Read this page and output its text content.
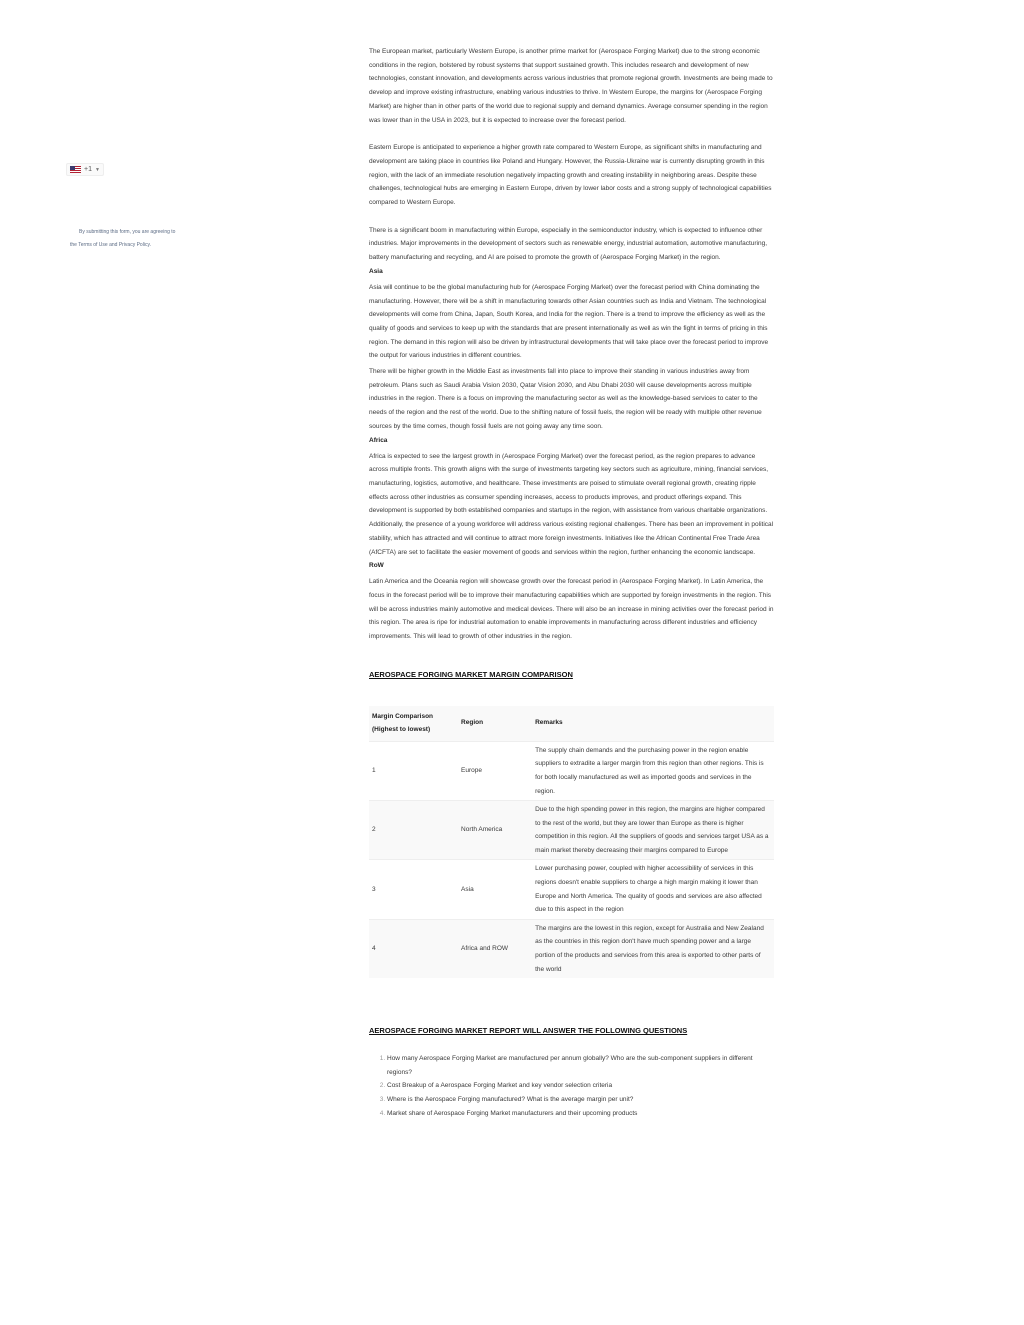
+1 ▼

By submitting this form, you are agreeing to

the Terms of Use and Privacy Policy.

The European market, particularly Western Europe, is another prime market for (Aerospace Forging Market) due to the strong economic conditions in the region, bolstered by robust systems that support sustained growth. This includes research and development of new technologies, constant innovation, and developments across various industries that promote regional growth. Investments are being made to develop and improve existing infrastructure, enabling various industries to thrive. In Western Europe, the margins for (Aerospace Forging Market) are higher than in other parts of the world due to regional supply and demand dynamics. Average consumer spending in the region was lower than in the USA in 2023, but it is expected to increase over the forecast period.

Eastern Europe is anticipated to experience a higher growth rate compared to Western Europe, as significant shifts in manufacturing and development are taking place in countries like Poland and Hungary. However, the Russia-Ukraine war is currently disrupting growth in this region, with the lack of an immediate resolution negatively impacting growth and creating instability in neighboring areas. Despite these challenges, technological hubs are emerging in Eastern Europe, driven by lower labor costs and a strong supply of technological capabilities compared to Western Europe.

There is a significant boom in manufacturing within Europe, especially in the semiconductor industry, which is expected to influence other industries. Major improvements in the development of sectors such as renewable energy, industrial automation, automotive manufacturing, battery manufacturing and recycling, and AI are poised to promote the growth of (Aerospace Forging Market) in the region.

Asia

Asia will continue to be the global manufacturing hub for (Aerospace Forging Market) over the forecast period with China dominating the manufacturing. However, there will be a shift in manufacturing towards other Asian countries such as India and Vietnam. The technological developments will come from China, Japan, South Korea, and India for the region. There is a trend to improve the efficiency as well as the quality of goods and services to keep up with the standards that are present internationally as well as win the fight in terms of pricing in this region. The demand in this region will also be driven by infrastructural developments that will take place over the forecast period to improve the output for various industries in different countries.

There will be higher growth in the Middle East as investments fall into place to improve their standing in various industries away from petroleum. Plans such as Saudi Arabia Vision 2030, Qatar Vision 2030, and Abu Dhabi 2030 will cause developments across multiple industries in the region. There is a focus on improving the manufacturing sector as well as the knowledge-based services to cater to the needs of the region and the rest of the world. Due to the shifting nature of fossil fuels, the region will be ready with multiple other revenue sources by the time comes, though fossil fuels are not going away any time soon.

Africa

Africa is expected to see the largest growth in (Aerospace Forging Market) over the forecast period, as the region prepares to advance across multiple fronts. This growth aligns with the surge of investments targeting key sectors such as agriculture, mining, financial services, manufacturing, logistics, automotive, and healthcare. These investments are poised to stimulate overall regional growth, creating ripple effects across other industries as consumer spending increases, access to products improves, and product offerings expand. This development is supported by both established companies and startups in the region, with assistance from various charitable organizations. Additionally, the presence of a young workforce will address various existing regional challenges. There has been an improvement in political stability, which has attracted and will continue to attract more foreign investments. Initiatives like the African Continental Free Trade Area (AfCFTA) are set to facilitate the easier movement of goods and services within the region, further enhancing the economic landscape.

RoW

Latin America and the Oceania region will showcase growth over the forecast period in (Aerospace Forging Market). In Latin America, the focus in the forecast period will be to improve their manufacturing capabilities which are supported by foreign investments in the region. This will be across industries mainly automotive and medical devices. There will also be an increase in mining activities over the forecast period in this region. The area is ripe for industrial automation to enable improvements in manufacturing across different industries and efficiency improvements. This will lead to growth of other industries in the region.

AEROSPACE FORGING MARKET MARGIN COMPARISON

Margin Comparison
(Highest to lowest)	Region	Remarks
1	Europe	The supply chain demands and the purchasing power in the region enable suppliers to extradite a larger margin from this region than other regions. This is for both locally manufactured as well as imported goods and services in the region.
2	North America	Due to the high spending power in this region, the margins are higher compared to the rest of the world, but they are lower than Europe as there is higher competition in this region. All the suppliers of goods and services target USA as a main market thereby decreasing their margins compared to Europe
3	Asia	Lower purchasing power, coupled with higher accessibility of services in this regions doesn't enable suppliers to charge a high margin making it lower than Europe and North America. The quality of goods and services are also affected due to this aspect in the region
4	Africa and ROW	The margins are the lowest in this region, except for Australia and New Zealand as the countries in this region don't have much spending power and a large portion of the products and services from this area is exported to other parts of the world

AEROSPACE FORGING MARKET REPORT WILL ANSWER THE FOLLOWING QUESTIONS

1. How many Aerospace Forging Market are manufactured per annum globally? Who are the sub-component suppliers in different regions?
2. Cost Breakup of a Aerospace Forging Market and key vendor selection criteria
3. Where is the Aerospace Forging manufactured? What is the average margin per unit?
4. Market share of Aerospace Forging Market manufacturers and their upcoming products
